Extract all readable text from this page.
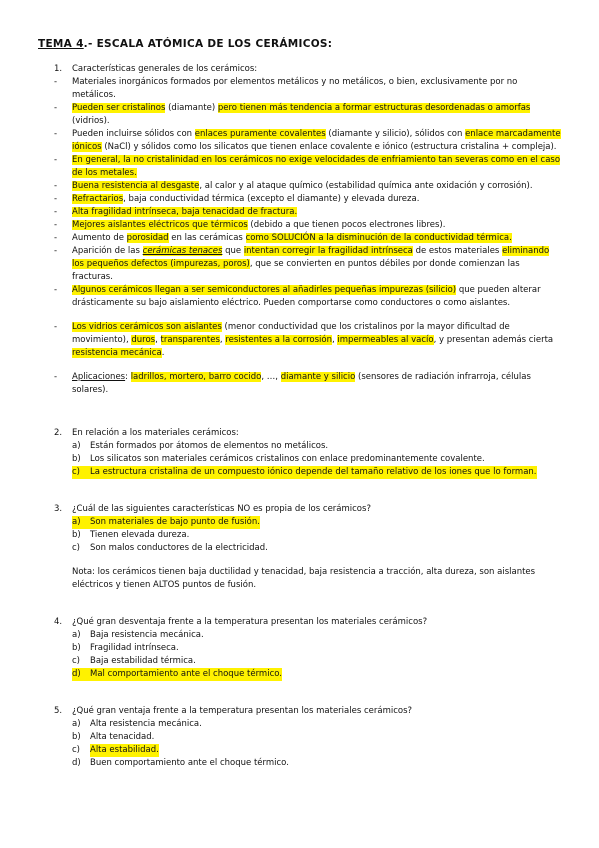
TEMA 4.- ESCALA ATÓMICA DE LOS CERÁMICOS:
1.	Características generales de los cerámicos:
-	Materiales inorgánicos formados por elementos metálicos y no metálicos, o bien, exclusivamente por no metálicos.
-	Pueden ser cristalinos (diamante) pero tienen más tendencia a formar estructuras desordenadas o amorfas (vidrios).
-	Pueden incluirse sólidos con enlaces puramente covalentes (diamante y silicio), sólidos con enlace marcadamente iónicos (NaCl) y sólidos como los silicatos que tienen enlace covalente e iónico (estructura cristalina + compleja).
-	En general, la no cristalinidad en los cerámicos no exige velocidades de enfriamiento tan severas como en el caso de los metales.
-	Buena resistencia al desgaste, al calor y al ataque químico (estabilidad química ante oxidación y corrosión).
-	Refractarios, baja conductividad térmica (excepto el diamante) y elevada dureza.
-	Alta fragilidad intrínseca, baja tenacidad de fractura.
-	Mejores aislantes eléctricos que térmicos (debido a que tienen pocos electrones libres).
-	Aumento de porosidad en las cerámicas como SOLUCIÓN a la disminución de la conductividad térmica.
-	Aparición de las cerámicas tenaces que intentan corregir la fragilidad intrínseca de estos materiales eliminando los pequeños defectos (impurezas, poros), que se convierten en puntos débiles por donde comienzan las fracturas.
-	Algunos cerámicos llegan a ser semiconductores al añadirles pequeñas impurezas (silicio) que pueden alterar drásticamente su bajo aislamiento eléctrico. Pueden comportarse como conductores o como aislantes.
-	Los vidrios cerámicos son aislantes (menor conductividad que los cristalinos por la mayor dificultad de movimiento), duros, transparentes, resistentes a la corrosión, impermeables al vacío, y presentan además cierta resistencia mecánica.
-	Aplicaciones: ladrillos, mortero, barro cocido, …, diamante y silicio (sensores de radiación infrarroja, células solares).
2.	En relación a los materiales cerámicos:
a)	Están formados por átomos de elementos no metálicos.
b)	Los silicatos son materiales cerámicos cristalinos con enlace predominantemente covalente.
c)	La estructura cristalina de un compuesto iónico depende del tamaño relativo de los iones que lo forman.
3.	¿Cuál de las siguientes características NO es propia de los cerámicos?
a)	Son materiales de bajo punto de fusión.
b)	Tienen elevada dureza.
c)	Son malos conductores de la electricidad.
Nota: los cerámicos tienen baja ductilidad y tenacidad, baja resistencia a tracción, alta dureza, son aislantes eléctricos y tienen ALTOS puntos de fusión.
4.	¿Qué gran desventaja frente a la temperatura presentan los materiales cerámicos?
a)	Baja resistencia mecánica.
b)	Fragilidad intrínseca.
c)	Baja estabilidad térmica.
d)	Mal comportamiento ante el choque térmico.
5.	¿Qué gran ventaja frente a la temperatura presentan los materiales cerámicos?
a)	Alta resistencia mecánica.
b)	Alta tenacidad.
c)	Alta estabilidad.
d)	Buen comportamiento ante el choque térmico.
